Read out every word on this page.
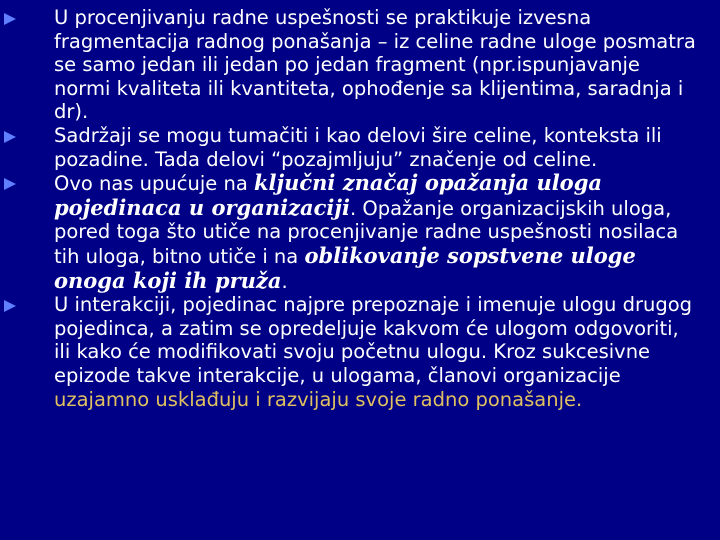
U procenjivanju radne uspešnosti se praktikuje izvesna fragmentacija radnog ponašanja – iz celine radne uloge posmatra se samo jedan ili jedan po jedan fragment (npr.ispunjavanje normi kvaliteta ili kvantiteta, ophođenje sa klijentima, saradnja i dr).
Sadržaji se mogu tumačiti i kao delovi šire celine, konteksta ili pozadine. Tada delovi “pozajmljuju” značenje od celine.
Ovo nas upućuje na ključni značaj opažanja uloga pojedinaca u organizaciji. Opažanje organizacijskih uloga, pored toga što utiče na procenjivanje radne uspešnosti nosilaca tih uloga, bitno utiče i na oblikovanje sopstvene uloge onoga koji ih pruža.
U interakciji, pojedinac najpre prepoznaje i imenuje ulogu drugog pojedinca, a zatim se opredeljuje kakvom će ulogom odgovoriti, ili kako će modifikovati svoju početnu ulogu. Kroz sukcesivne epizode takve interakcije, u ulogama, članovi organizacije uzajamno usklađuju i razvijaju svoje radno ponašanje.
